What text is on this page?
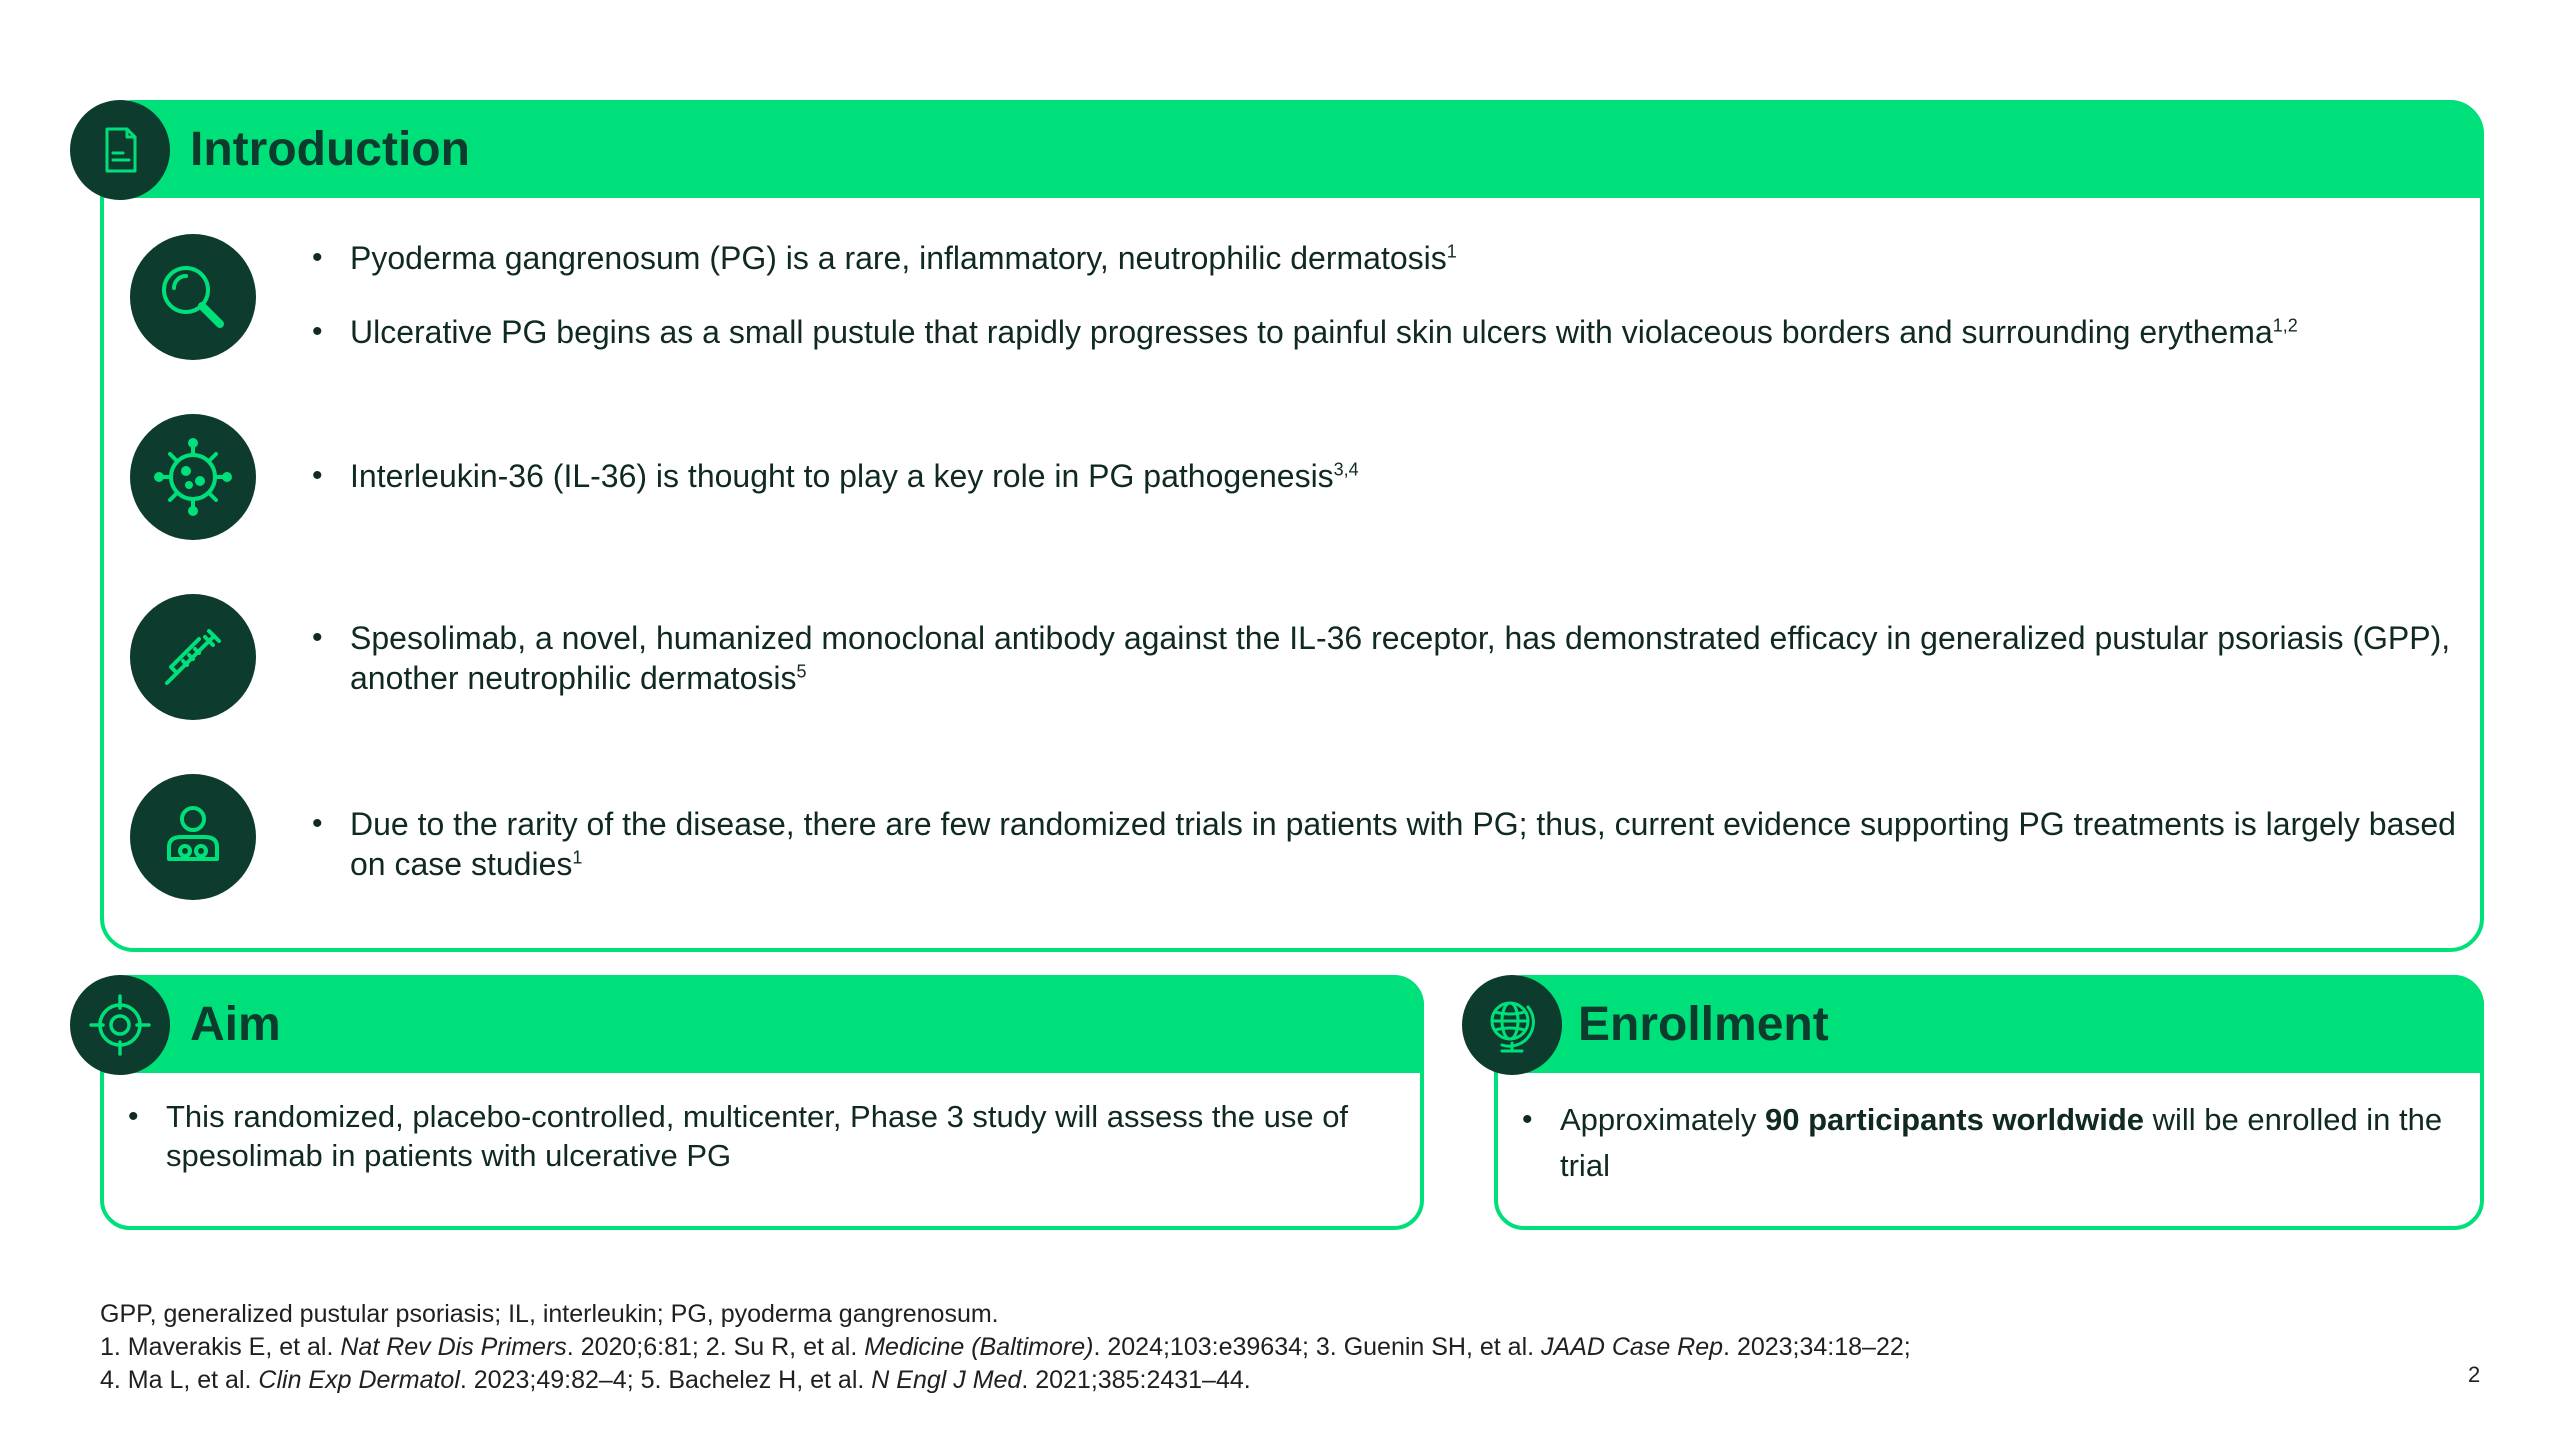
Introduction
• Pyoderma gangrenosum (PG) is a rare, inflammatory, neutrophilic dermatosis$^1$
• Ulcerative PG begins as a small pustule that rapidly progresses to painful skin ulcers with violaceous borders and surrounding erythema$^{1,2}$
• Interleukin-36 (IL-36) is thought to play a key role in PG pathogenesis$^{3,4}$
• Spesolimab, a novel, humanized monoclonal antibody against the IL-36 receptor, has demonstrated efficacy in generalized pustular psoriasis (GPP), another neutrophilic dermatosis$^5$
• Due to the rarity of the disease, there are few randomized trials in patients with PG; thus, current evidence supporting PG treatments is largely based on case studies$^1$
Aim
• This randomized, placebo-controlled, multicenter, Phase 3 study will assess the use of spesolimab in patients with ulcerative PG
Enrollment
• Approximately 90 participants worldwide will be enrolled in the trial
GPP, generalized pustular psoriasis; IL, interleukin; PG, pyoderma gangrenosum.
1. Maverakis E, et al. Nat Rev Dis Primers. 2020;6:81; 2. Su R, et al. Medicine (Baltimore). 2024;103:e39634; 3. Guenin SH, et al. JAAD Case Rep. 2023;34:18–22;
4. Ma L, et al. Clin Exp Dermatol. 2023;49:82–4; 5. Bachelez H, et al. N Engl J Med. 2021;385:2431–44.	2
